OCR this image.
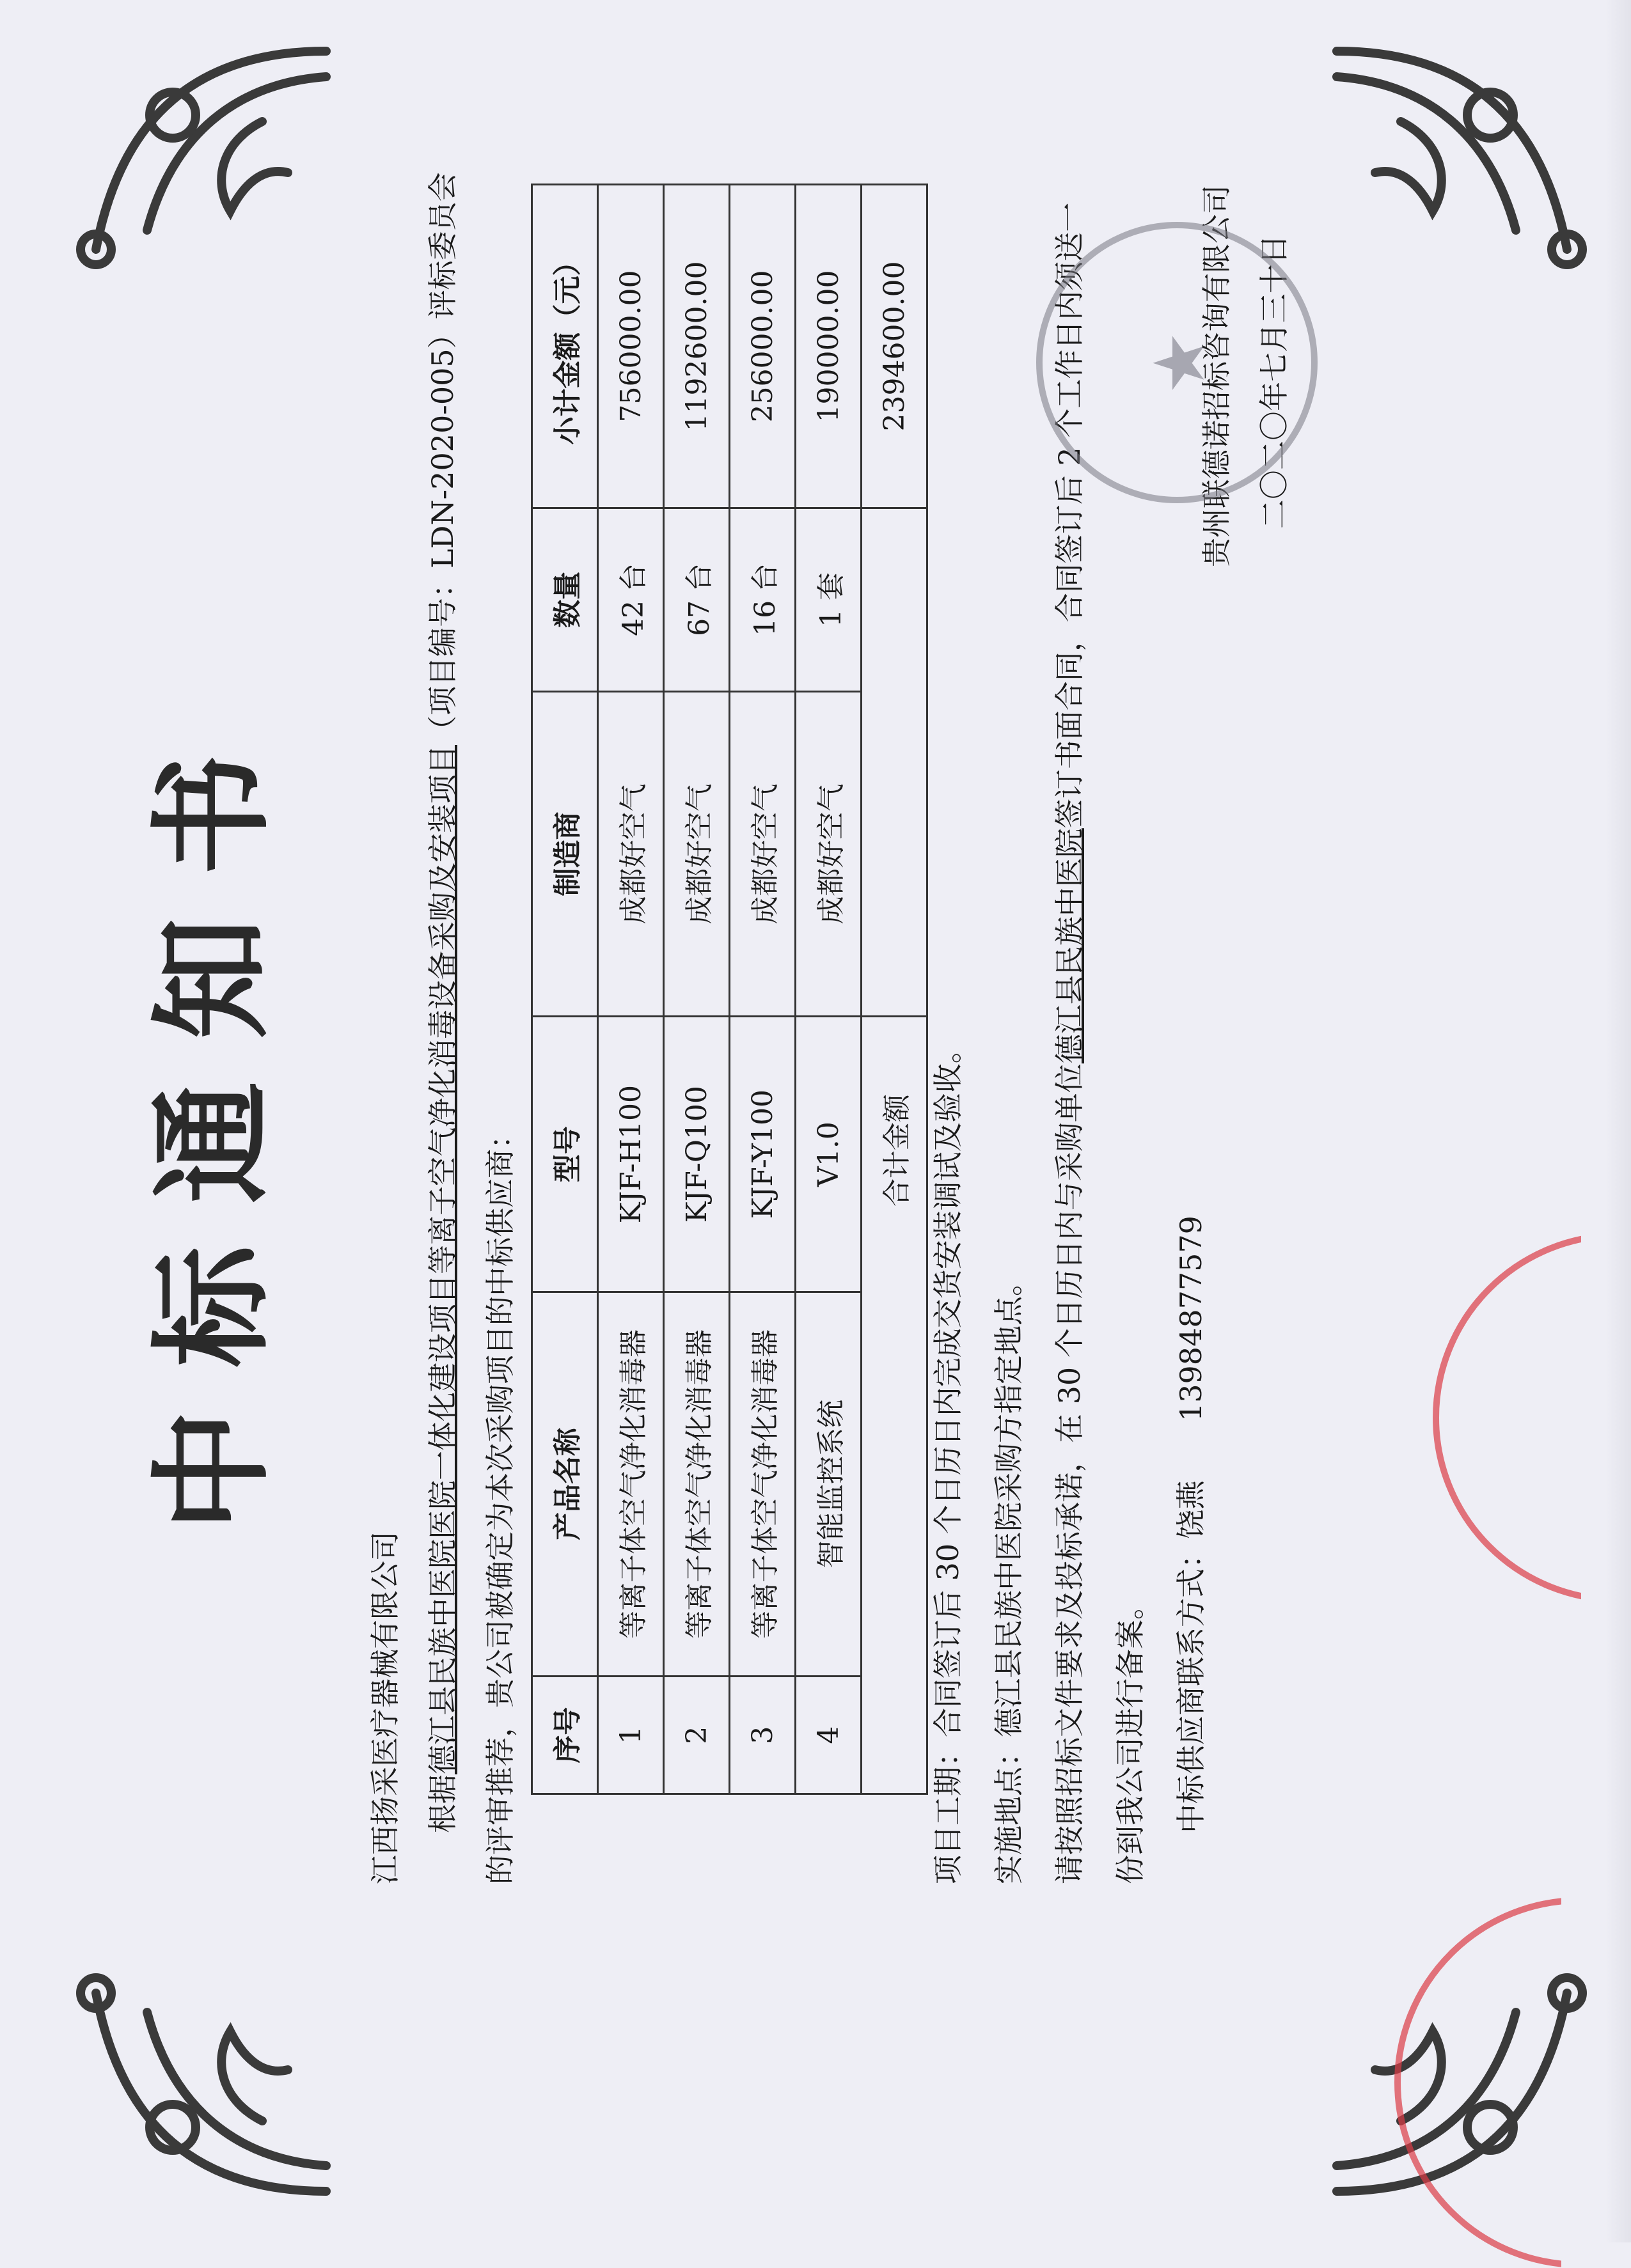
中标通知书
江西扬采医疗器械有限公司 根据德江县民族中医院医院一体化建设项目等离子空气净化消毒设备采购及安装项目（项目编号：LDN-2020-005）评标委员会
的评审推荐，贵公司被确定为本次采购项目的中标供应商： 序号	产品名称	型号	制造商	数量	小计金额（元）
1	等离子体空气净化消毒器	KJF-H100	成都好空气	42 台	756000.00
2	等离子体空气净化消毒器	KJF-Q100	成都好空气	67 台	1192600.00
3	等离子体空气净化消毒器	KJF-Y100	成都好空气	16 台	256000.00
4	智能监控系统	V1.0	成都好空气	1 套	190000.00
合计金额					2394600.00
项目工期：合同签订后 30 个日历日内完成交货安装调试及验收。 实施地点：德江县民族中医院采购方指定地点。 请按照招标文件要求及投标承诺，在 30 个日历日内与采购单位德江县民族中医院签订书面合同，合同签订后 2 个工作日内须送一
份到我公司进行备案。 中标供应商联系方式：饶燕　　13984877579
贵州联德诺招标咨询有限公司 二〇二〇年七月三十日
★
